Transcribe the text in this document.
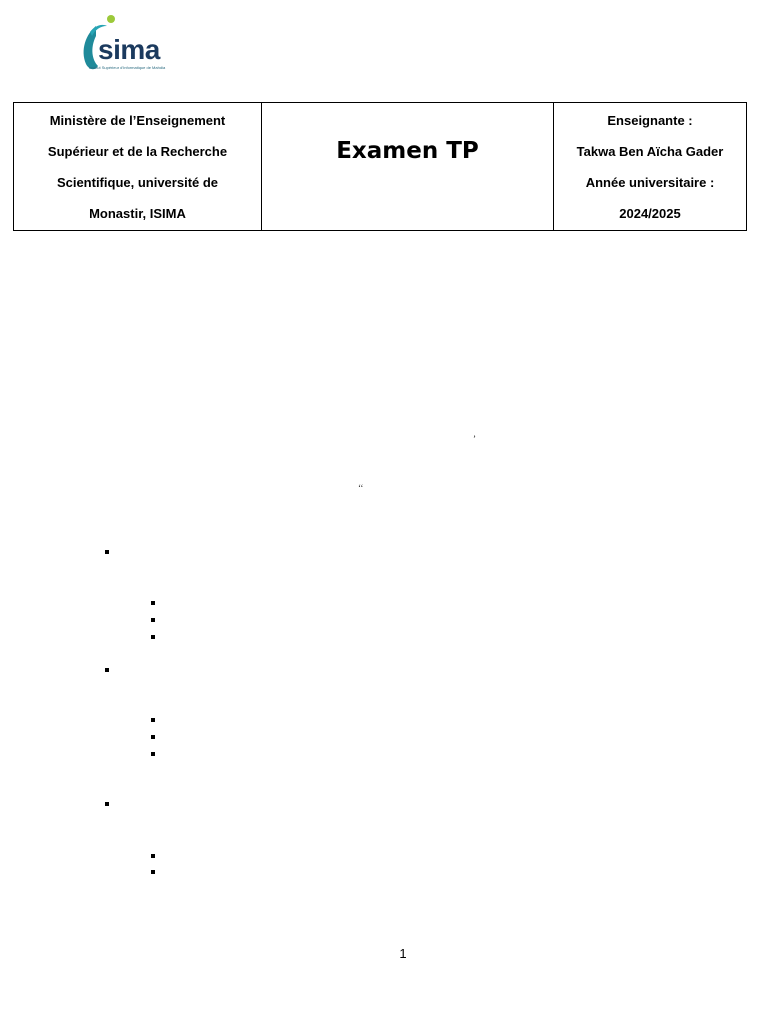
sima
Institut Supérieur d'Informatique de Mahdia
Ministère de l’Enseignement
Supérieur et de la Recherche
Scientifique, université de
Monastir, ISIMA

Examen TP

Enseignante :
Takwa Ben Aïcha Gader
Année universitaire :
2024/2025
’
‘‘
1
